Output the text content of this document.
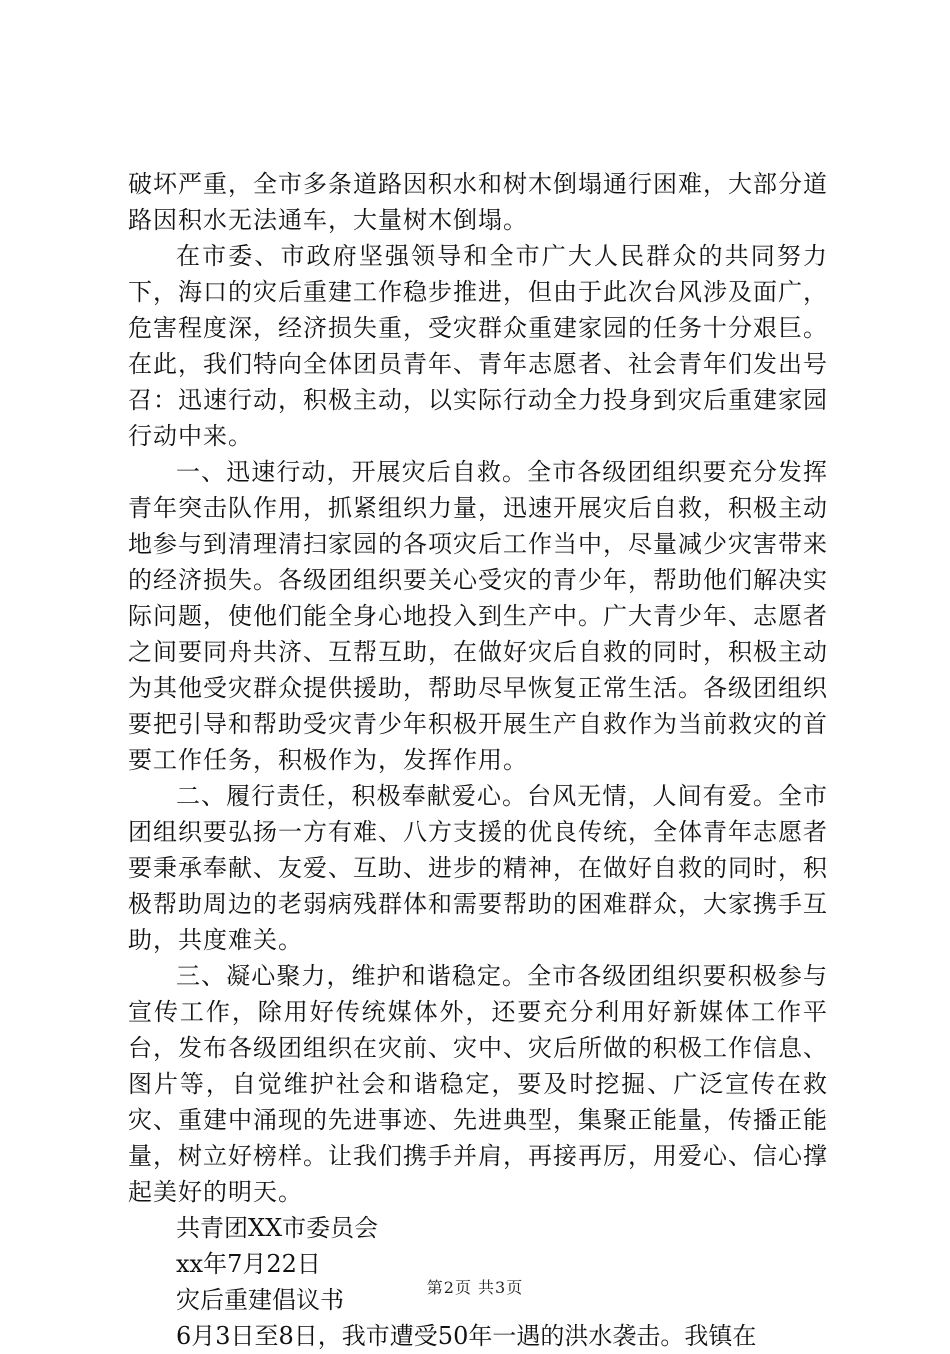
破坏严重，全市多条道路因积水和树木倒塌通行困难，大部分道路因积水无法通车，大量树木倒塌。

在市委、市政府坚强领导和全市广大人民群众的共同努力下，海口的灾后重建工作稳步推进，但由于此次台风涉及面广，危害程度深，经济损失重，受灾群众重建家园的任务十分艰巨。在此，我们特向全体团员青年、青年志愿者、社会青年们发出号召：迅速行动，积极主动，以实际行动全力投身到灾后重建家园行动中来。

一、迅速行动，开展灾后自救。全市各级团组织要充分发挥青年突击队作用，抓紧组织力量，迅速开展灾后自救，积极主动地参与到清理清扫家园的各项灾后工作当中，尽量减少灾害带来的经济损失。各级团组织要关心受灾的青少年，帮助他们解决实际问题，使他们能全身心地投入到生产中。广大青少年、志愿者之间要同舟共济、互帮互助，在做好灾后自救的同时，积极主动为其他受灾群众提供援助，帮助尽早恢复正常生活。各级团组织要把引导和帮助受灾青少年积极开展生产自救作为当前救灾的首要工作任务，积极作为，发挥作用。

二、履行责任，积极奉献爱心。台风无情，人间有爱。全市团组织要弘扬一方有难、八方支援的优良传统，全体青年志愿者要秉承奉献、友爱、互助、进步的精神，在做好自救的同时，积极帮助周边的老弱病残群体和需要帮助的困难群众，大家携手互助，共度难关。

三、凝心聚力，维护和谐稳定。全市各级团组织要积极参与宣传工作，除用好传统媒体外，还要充分利用好新媒体工作平台，发布各级团组织在灾前、灾中、灾后所做的积极工作信息、图片等，自觉维护社会和谐稳定，要及时挖掘、广泛宣传在救灾、重建中涌现的先进事迹、先进典型，集聚正能量，传播正能量，树立好榜样。让我们携手并肩，再接再厉，用爱心、信心撑起美好的明天。

共青团XX市委员会

xx年7月22日

灾后重建倡议书

6月3日至8日，我市遭受50年一遇的洪水袭击。我镇在

第2页 共3页
